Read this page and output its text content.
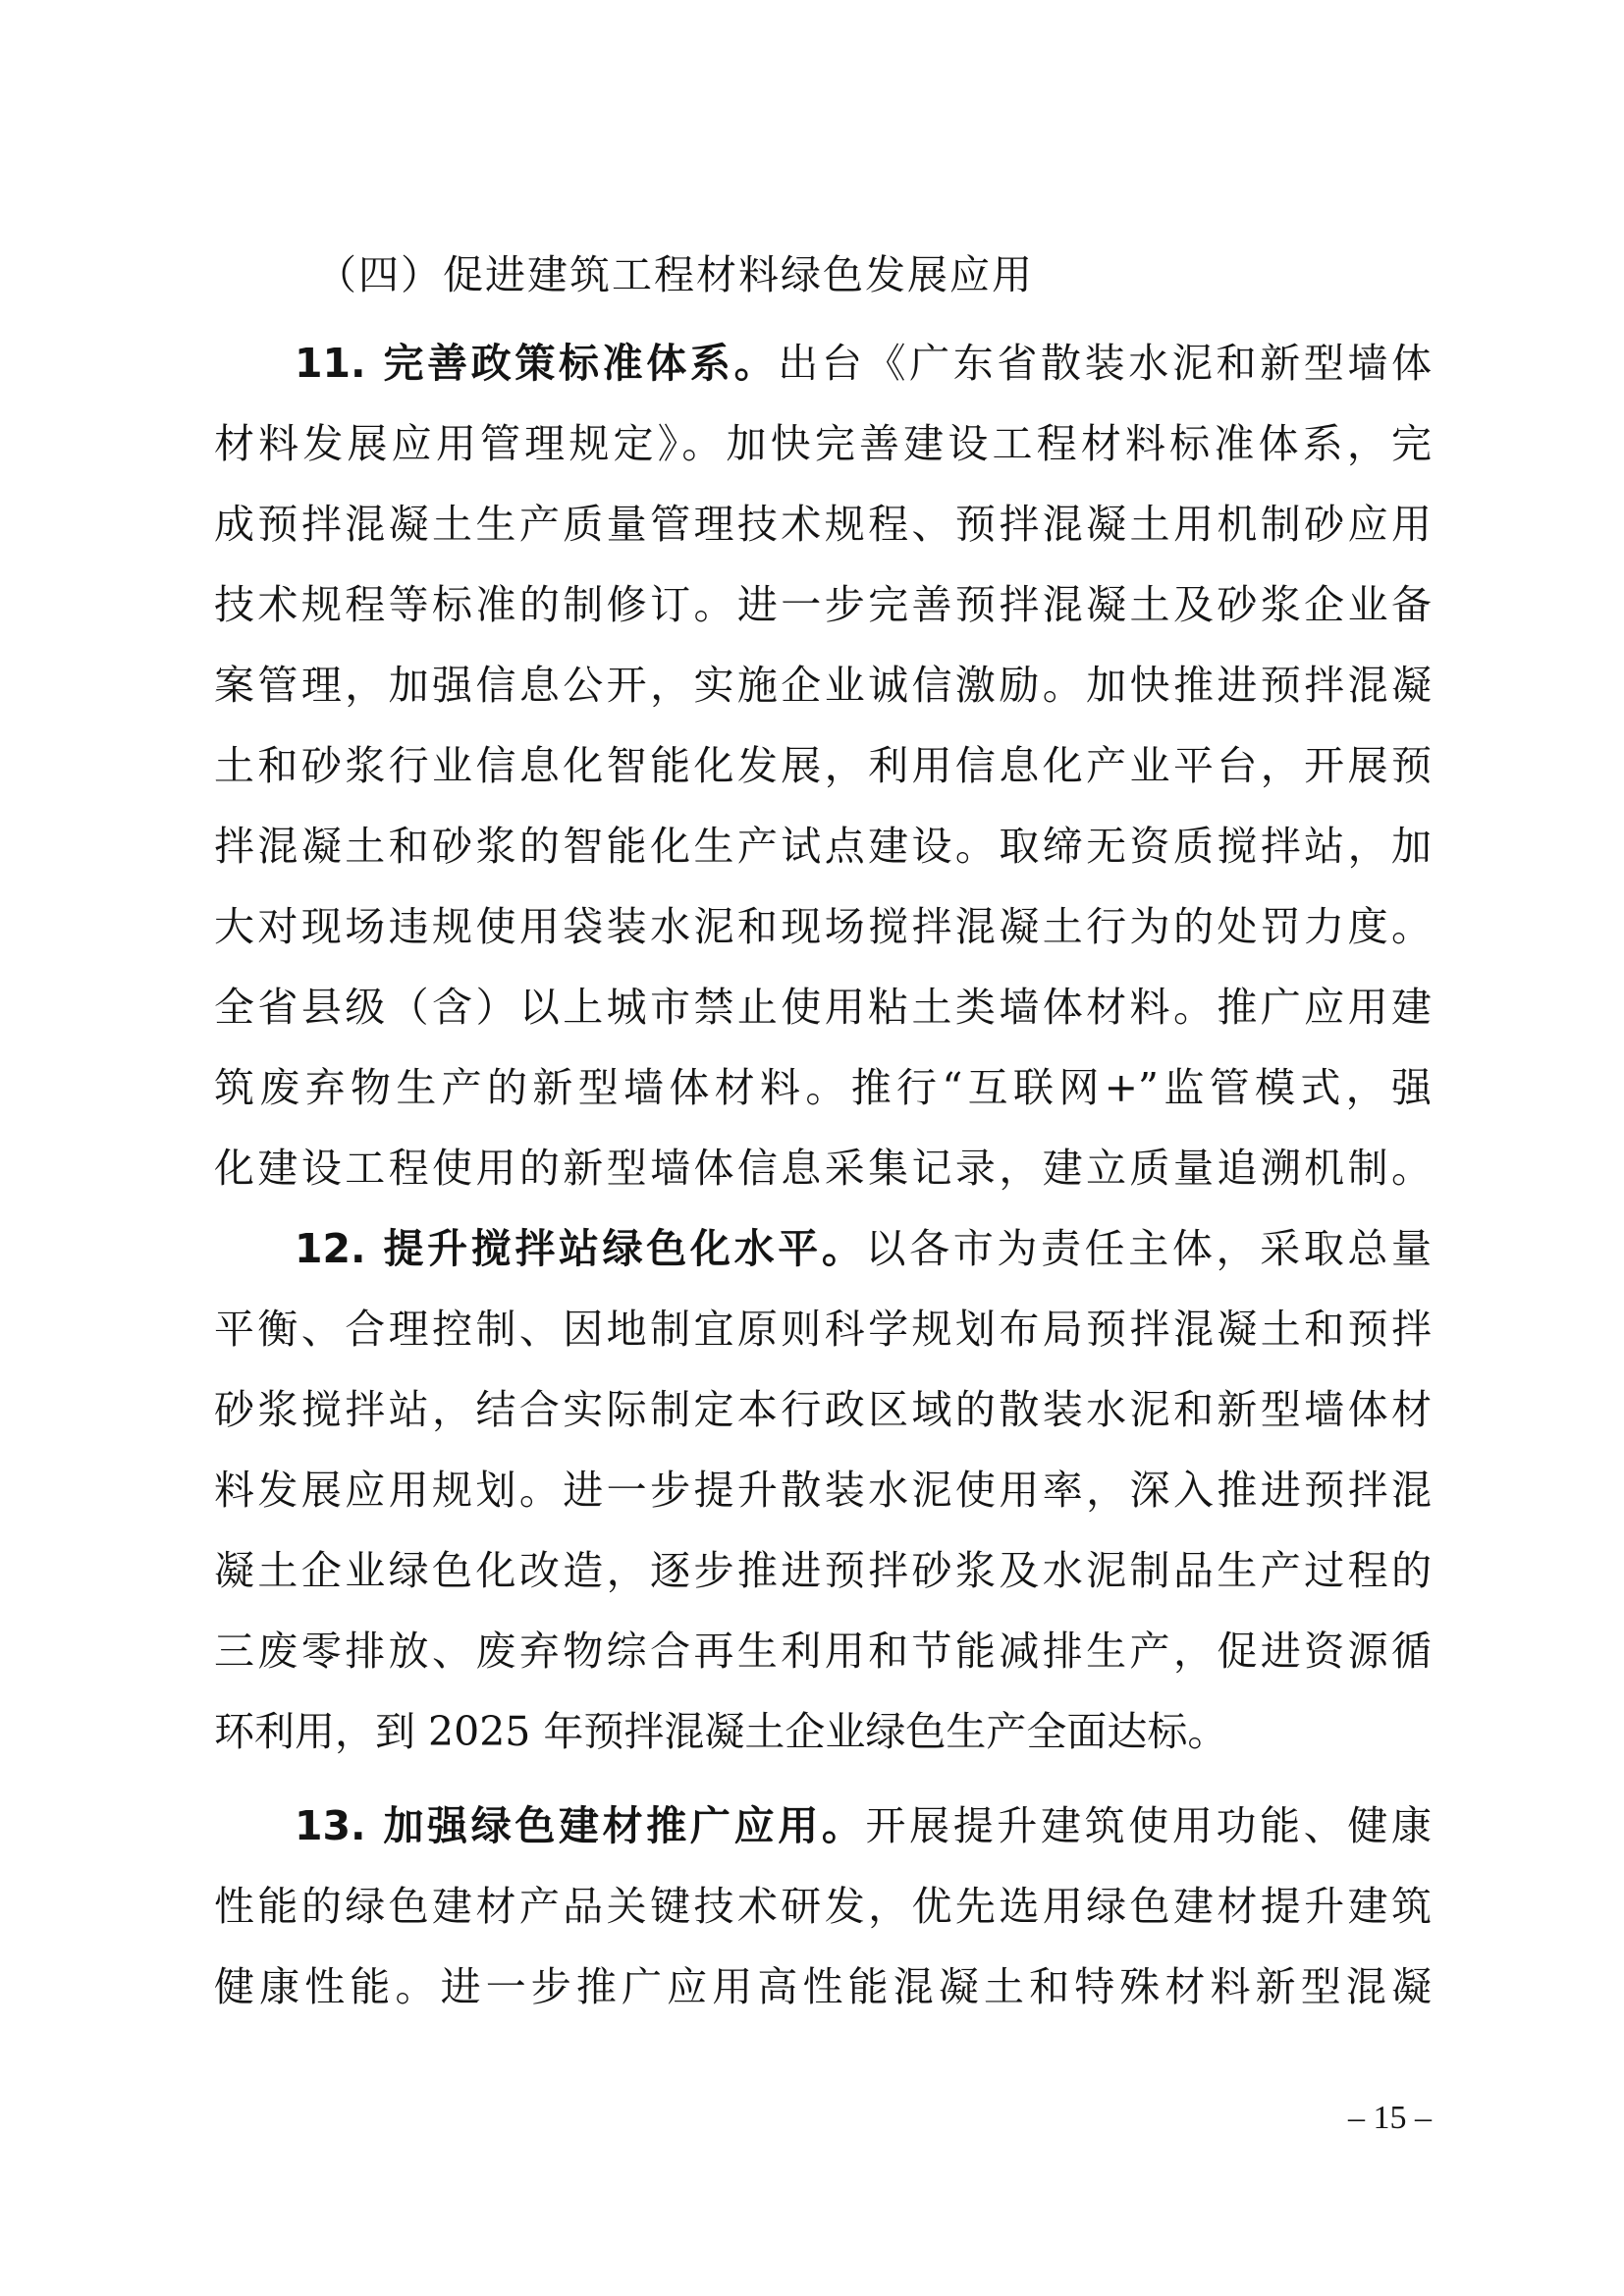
（四）促进建筑工程材料绿色发展应用
11. 完善政策标准体系。出台《广东省散装水泥和新型墙体
材料发展应用管理规定》。加快完善建设工程材料标准体系，完
成预拌混凝土生产质量管理技术规程、预拌混凝土用机制砂应用
技术规程等标准的制修订。进一步完善预拌混凝土及砂浆企业备
案管理，加强信息公开，实施企业诚信激励。加快推进预拌混凝
土和砂浆行业信息化智能化发展，利用信息化产业平台，开展预
拌混凝土和砂浆的智能化生产试点建设。取缔无资质搅拌站，加
大对现场违规使用袋装水泥和现场搅拌混凝土行为的处罚力度。
全省县级（含）以上城市禁止使用粘土类墙体材料。推广应用建
筑废弃物生产的新型墙体材料。推行“互联网+”监管模式，强
化建设工程使用的新型墙体信息采集记录，建立质量追溯机制。
12. 提升搅拌站绿色化水平。以各市为责任主体，采取总量
平衡、合理控制、因地制宜原则科学规划布局预拌混凝土和预拌
砂浆搅拌站，结合实际制定本行政区域的散装水泥和新型墙体材
料发展应用规划。进一步提升散装水泥使用率，深入推进预拌混
凝土企业绿色化改造，逐步推进预拌砂浆及水泥制品生产过程的
三废零排放、废弃物综合再生利用和节能减排生产，促进资源循
环利用，到 2025 年预拌混凝土企业绿色生产全面达标。
13. 加强绿色建材推广应用。开展提升建筑使用功能、健康
性能的绿色建材产品关键技术研发，优先选用绿色建材提升建筑
健康性能。进一步推广应用高性能混凝土和特殊材料新型混凝
– 15 –
